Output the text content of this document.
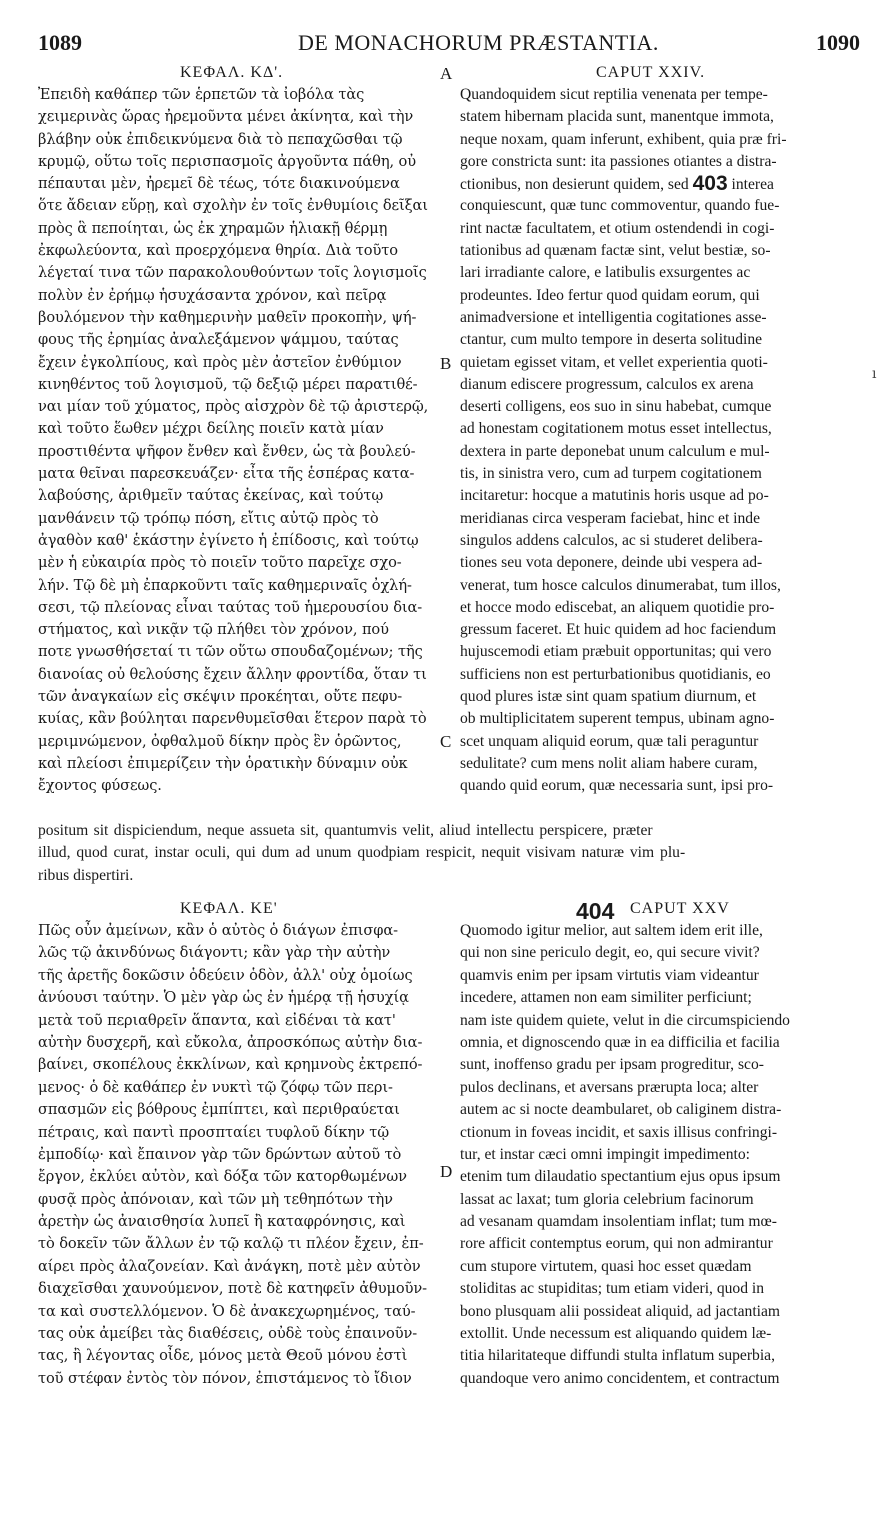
1089	DE MONACHORUM PRÆSTANTIA.	1090
ΚΕΦΑΛ. ΚΔ'.	A	CAPUT XXIV.
Ἐπειδὴ καθάπερ τῶν ἑρπετῶν τὰ ἰοβόλα τὰς
χειμερινὰς ὥρας ἠρεμοῦντα μένει ἀκίνητα, καὶ τὴν
βλάβην οὐκ ἐπιδεικνύμενα διὰ τὸ πεπαχῶσθαι τῷ
κρυμῷ, οὕτω τοῖς περισπασμοῖς ἀργοῦντα πάθη, οὐ
πέπαυται μὲν, ἠρεμεῖ δὲ τέως, τότε διακινούμενα
ὅτε ἄδειαν εὕρῃ, καὶ σχολὴν ἐν τοῖς ἐνθυμίοις δεῖξαι
πρὸς ἃ πεποίηται, ὡς ἐκ χηραμῶν ἡλιακῇ θέρμῃ
ἐκφωλεύοντα, καὶ προερχόμενα θηρία. Διὰ τοῦτο
λέγεταί τινα τῶν παρακολουθούντων τοῖς λογισμοῖς
πολὺν ἐν ἐρήμῳ ἡσυχάσαντα χρόνον, καὶ πεῖρᾳ
βουλόμενον τὴν καθημερινὴν μαθεῖν προκοπὴν, ψή-
φους τῆς ἐρημίας ἀναλεξάμενον ψάμμου, ταύτας
ἔχειν ἐγκολπίους, καὶ πρὸς μὲν ἀστεῖον ἐνθύμιον
κινηθέντος τοῦ λογισμοῦ, τῷ δεξιῷ μέρει παρατιθέ-
ναι μίαν τοῦ χύματος, πρὸς αἰσχρὸν δὲ τῷ ἀριστερῷ,
καὶ τοῦτο ἕωθεν μέχρι δείλης ποιεῖν κατὰ μίαν
προστιθέντα ψῆφον ἔνθεν καὶ ἔνθεν, ὡς τὰ βουλεύ-
ματα θεῖναι παρεσκευάζεν· εἶτα τῆς ἑσπέρας κατα-
λαβούσης, ἀριθμεῖν ταύτας ἐκείνας, καὶ τούτῳ
μανθάνειν τῷ τρόπῳ πόση, εἴτις αὐτῷ πρὸς τὸ
ἀγαθὸν καθ' ἑκάστην ἐγίνετο ἡ ἐπίδοσις, καὶ τούτῳ
μὲν ἡ εὐκαιρία πρὸς τὸ ποιεῖν τοῦτο παρεῖχε σχο-
λήν. Τῷ δὲ μὴ ἐπαρκοῦντι ταῖς καθημεριναῖς ὀχλή-
σεσι, τῷ πλείονας εἶναι ταύτας τοῦ ἡμερουσίου δια-
στήματος, καὶ νικᾷν τῷ πλήθει τὸν χρόνον, πού
ποτε γνωσθήσεταί τι τῶν οὕτω σπουδαζομένων; τῆς
διανοίας οὐ θελούσης ἔχειν ἄλλην φροντίδα, ὅταν τι
τῶν ἀναγκαίων εἰς σκέψιν προκέηται, οὔτε πεφυ-
κυίας, κἂν βούληται παρενθυμεῖσθαι ἕτερον παρὰ τὸ
μεριμνώμενον, ὀφθαλμοῦ δίκην πρὸς ἓν ὁρῶντος,
καὶ πλείοσι ἐπιμερίζειν τὴν ὁρατικὴν δύναμιν οὐκ
ἔχοντος φύσεως.
B
C
ı
Quandoquidem sicut reptilia venenata per tempe-
statem hibernam placida sunt, manentque immota,
neque noxam, quam inferunt, exhibent, quia præ fri-
gore constricta sunt: ita passiones otiantes a distra-
ctionibus, non desierunt quidem, sed 403 interea
conquiescunt, quæ tunc commoventur, quando fue-
rint nactæ facultatem, et otium ostendendi in cogi-
tationibus ad quænam factæ sint, velut bestiæ, so-
lari irradiante calore, e latibulis exsurgentes ac
prodeuntes. Ideo fertur quod quidam eorum, qui
animadversione et intelligentia cogitationes asse-
ctantur, cum multo tempore in deserta solitudine
quietam egisset vitam, et vellet experientia quoti-
dianum ediscere progressum, calculos ex arena
deserti colligens, eos suo in sinu habebat, cumque
ad honestam cogitationem motus esset intellectus,
dextera in parte deponebat unum calculum e mul-
tis, in sinistra vero, cum ad turpem cogitationem
incitaretur: hocque a matutinis horis usque ad po-
meridianas circa vesperam faciebat, hinc et inde
singulos addens calculos, ac si studeret delibera-
tiones seu vota deponere, deinde ubi vespera ad-
venerat, tum hosce calculos dinumerabat, tum illos,
et hocce modo ediscebat, an aliquem quotidie pro-
gressum faceret. Et huic quidem ad hoc faciendum
hujuscemodi etiam præbuit opportunitas; qui vero
sufficiens non est perturbationibus quotidianis, eo
quod plures istæ sint quam spatium diurnum, et
ob multiplicitatem superent tempus, ubinam agno-
scet unquam aliquid eorum, quæ tali peraguntur
sedulitate? cum mens nolit aliam habere curam,
quando quid eorum, quæ necessaria sunt, ipsi pro-
positum sit dispiciendum, neque assueta sit, quantumvis velit, aliud intellectu perspicere, præter
illud, quod curat, instar oculi, qui dum ad unum quodpiam respicit, nequit visivam naturæ vim plu-
ribus dispertiri.
ΚΕΦΑΛ. ΚΕ'	404 CAPUT XXV
Πῶς οὖν ἀμείνων, κἂν ὁ αὐτὸς ὁ διάγων ἐπισφα-
λῶς τῷ ἀκινδύνως διάγοντι; κἂν γὰρ τὴν αὐτὴν
τῆς ἀρετῆς δοκῶσιν ὁδεύειν ὁδὸν, ἀλλ' οὐχ ὁμοίως
ἀνύουσι ταύτην. Ὁ μὲν γὰρ ὡς ἐν ἡμέρᾳ τῇ ἡσυχίᾳ
μετὰ τοῦ περιαθρεῖν ἅπαντα, καὶ εἰδέναι τὰ κατ'
αὐτὴν δυσχερῆ, καὶ εὔκολα, ἀπροσκόπως αὐτὴν δια-
βαίνει, σκοπέλους ἐκκλίνων, καὶ κρημνοὺς ἐκτρεπό-
μενος· ὁ δὲ καθάπερ ἐν νυκτὶ τῷ ζόφῳ τῶν περι-
σπασμῶν εἰς βόθρους ἐμπίπτει, καὶ περιθραύεται
πέτραις, καὶ παντὶ προσπταίει τυφλοῦ δίκην τῷ
ἐμποδίῳ· καὶ ἔπαινον γὰρ τῶν δρώντων αὐτοῦ τὸ
ἔργον, ἐκλύει αὐτὸν, καὶ δόξα τῶν κατορθωμένων
φυσᾷ πρὸς ἀπόνοιαν, καὶ τῶν μὴ τεθηπότων τὴν
ἀρετὴν ὡς ἀναισθησία λυπεῖ ἢ καταφρόνησις, καὶ
τὸ δοκεῖν τῶν ἄλλων ἐν τῷ καλῷ τι πλέον ἔχειν, ἐπ-
αίρει πρὸς ἀλαζονείαν. Καὶ ἀνάγκη, ποτὲ μὲν αὐτὸν
διαχεῖσθαι χαυνούμενον, ποτὲ δὲ κατηφεῖν ἀθυμοῦν-
τα καὶ συστελλόμενον. Ὁ δὲ ἀνακεχωρημένος, ταύ-
τας οὐκ ἀμείβει τὰς διαθέσεις, οὐδὲ τοὺς ἐπαινοῦν-
τας, ἢ λέγοντας οἶδε, μόνος μετὰ Θεοῦ μόνου ἐστὶ
τοῦ στέφαν ἐντὸς τὸν πόνον, ἐπιστάμενος τὸ ἴδιον
D
Quomodo igitur melior, aut saltem idem erit ille,
qui non sine periculo degit, eo, qui secure vivit?
quamvis enim per ipsam virtutis viam videantur
incedere, attamen non eam similiter perficiunt;
nam iste quidem quiete, velut in die circumspiciendo
omnia, et dignoscendo quæ in ea difficilia et facilia
sunt, inoffenso gradu per ipsam progreditur, sco-
pulos declinans, et aversans prærupta loca; alter
autem ac si nocte deambularet, ob caliginem distra-
ctionum in foveas incidit, et saxis illisus confringi-
tur, et instar cæci omni impingit impedimento:
etenim tum dilaudatio spectantium ejus opus ipsum
lassat ac laxat; tum gloria celebrium facinorum
ad vesanam quamdam insolentiam inflat; tum mœ-
rore afficit contemptus eorum, qui non admirantur
cum stupore virtutem, quasi hoc esset quædam
stoliditas ac stupiditas; tum etiam videri, quod in
bono plusquam alii possideat aliquid, ad jactantiam
extollit. Unde necessum est aliquando quidem læ-
titia hilaritateque diffundi stulta inflatum superbia,
quandoque vero animo concidentem, et contractum
